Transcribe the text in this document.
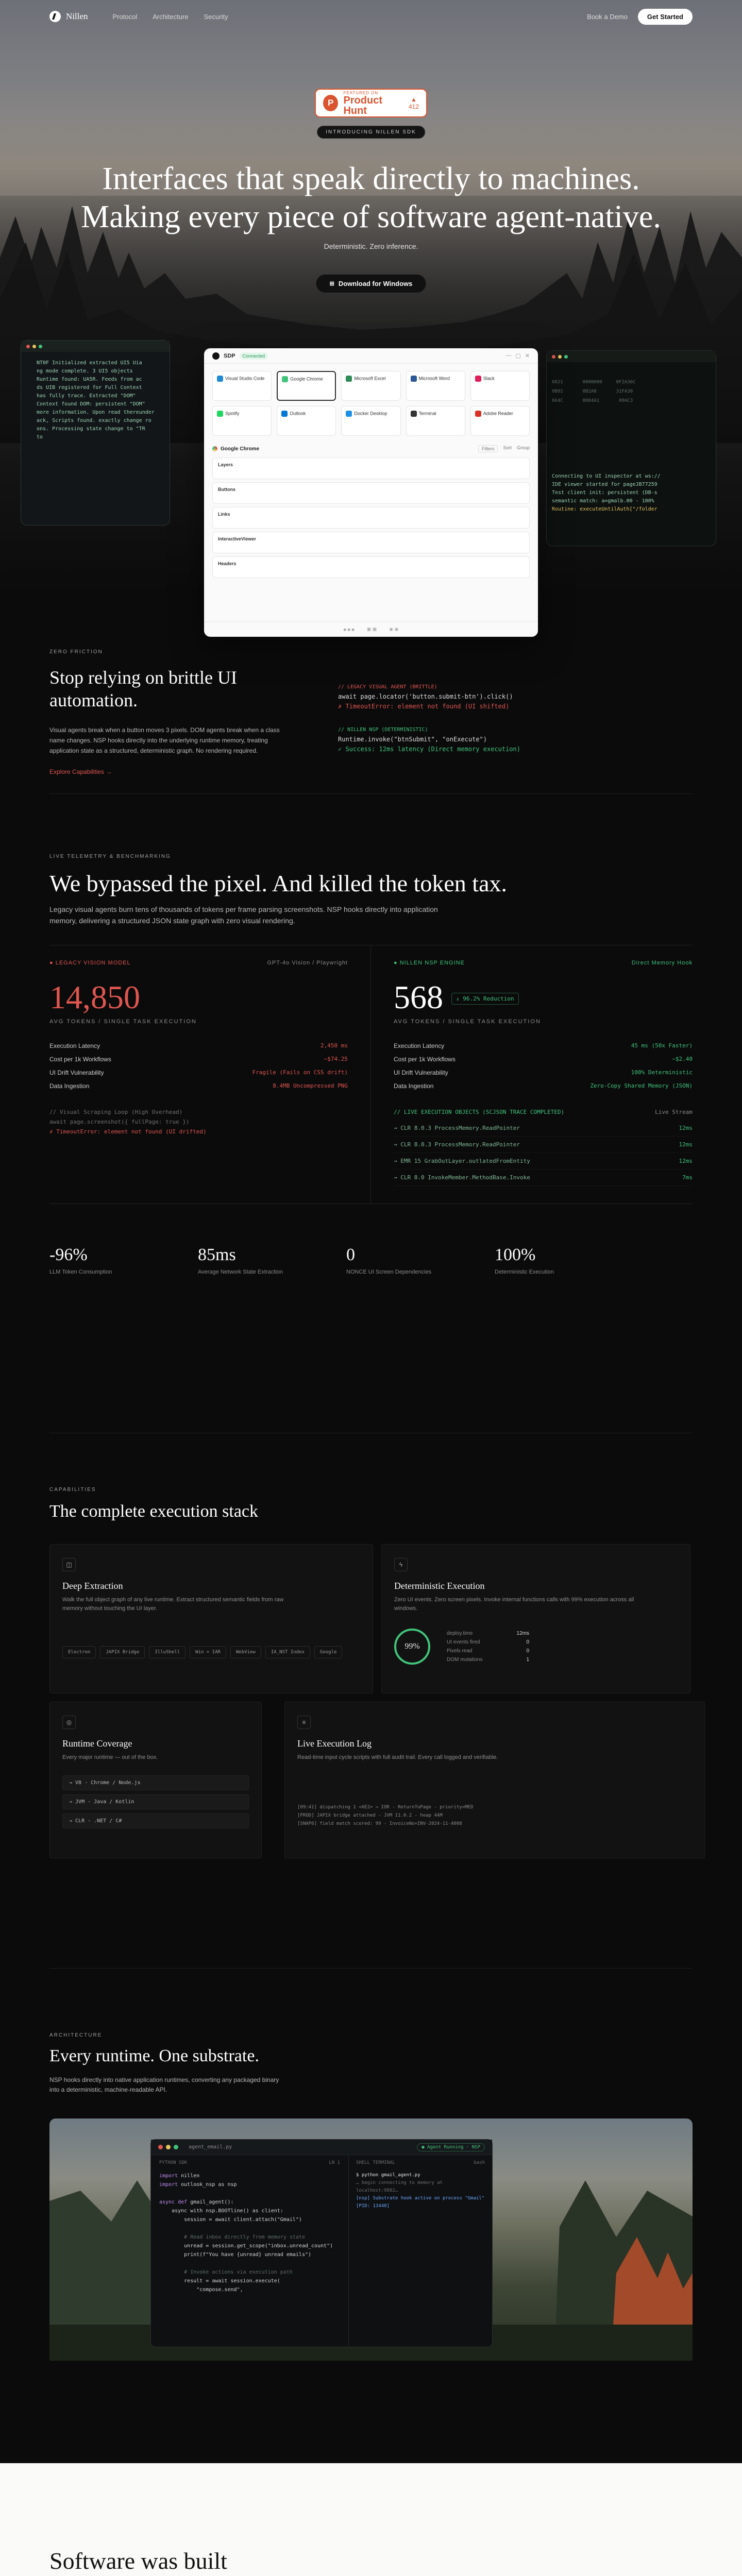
Nillen	Protocol Architecture Security	Book a Demo	Get Started
P
FEATURED ON
Product Hunt
▲
412
INTRODUCING NILLEN SDK
Interfaces that speak directly to machines.
Making every piece of software agent-native.
Deterministic. Zero inference.
⊞ Download for Windows
NT0F Initialized extracted UI5 Uia
ng mode complete. 3 UI5 objects
Runtime found: UA5R. Feeds from ac
ds UIB registered for Full Context
has fully trace. Extracted "DOM"
Context found DOM: persistent "DOM"
more information. Upon read thereunder
ack, Scripts found. exactly change ro
ons. Processing state change to "TR
to
0821       0000000     0F2A36C
0B01       0B2A0       31FA30
0A4C       0004A1       00AC3
Connecting to UI inspector at ws://
IDE viewer started for pageJB77259
Test client init: persistent (DB-s
semantic match: a=gmalb.00 - 100%
Routine: executeUntilAuth["/folder
SDP	Connected	— ▢ ✕
Visual Studio Code	Google Chrome	Microsoft Excel	Microsoft Word	Slack
Spotify	Outlook	Docker Desktop	Terminal	Adobe Reader
Google Chrome	Filters	Sort Group
Layers
Buttons
Links
InteractiveViewer
Headers
■ ■ ■	▣ ▣	◉ ◉
ZERO FRICTION
Stop relying on brittle UI automation.

Visual agents break when a button moves 3 pixels. DOM agents break when a class name changes. NSP hooks directly into the underlying runtime memory, treating application state as a structured, deterministic graph. No rendering required.

Explore Capabilities →
// LEGACY VISUAL AGENT (BRITTLE)
await page.locator('button.submit-btn').click()
✗ TimeoutError: element not found (UI shifted)
// NILLEN NSP (DETERMINISTIC)
Runtime.invoke("btnSubmit", "onExecute")
✓ Success: 12ms latency (Direct memory execution)
LIVE TELEMETRY & BENCHMARKING
We bypassed the pixel. And killed the token tax.

Legacy visual agents burn tens of thousands of tokens per frame parsing screenshots. NSP hooks directly into application memory, delivering a structured JSON state graph with zero visual rendering.

● LEGACY VISION MODEL	GPT-4o Vision / Playwright
14,850
AVG TOKENS / SINGLE TASK EXECUTION
Execution Latency	2,450 ms
Cost per 1k Workflows	~$74.25
UI Drift Vulnerability	Fragile (Fails on CSS drift)
Data Ingestion	8.4MB Uncompressed PNG
// Visual Scraping Loop (High Overhead)
await page.screenshot({ fullPage: true })
✗ TimeoutError: element not found (UI drifted)
● NILLEN NSP ENGINE	Direct Memory Hook
568	↓ 96.2% Reduction
AVG TOKENS / SINGLE TASK EXECUTION
Execution Latency	45 ms (50x Faster)
Cost per 1k Workflows	~$2.40
UI Drift Vulnerability	100% Deterministic
Data Ingestion	Zero-Copy Shared Memory (JSON)
// LIVE EXECUTION OBJECTS (SCJSON TRACE COMPLETED)	Live Stream
→ CLR 8.0.3 ProcessMemory.ReadPointer	12ms
→ CLR 8.0.3 ProcessMemory.ReadPointer	12ms
→ EMR 15 GrabOutLayer.outlatedFromEntity	12ms
→ CLR 8.0 InvokeMember.MethodBase.Invoke	7ms
-96%
LLM Token Consumption
85ms
Average Network State Extraction
0
NONCE UI Screen Dependencies
100%
Deterministic Execution
CAPABILITIES
The complete execution stack
◫
Deep Extraction

Walk the full object graph of any live runtime. Extract structured semantic fields from raw memory without touching the UI layer.

Electron	JAPIX Bridge	IlluShell	Win + IAR	WebView	IA_NST Index	Google
ϟ
Deterministic Execution

Zero UI events. Zero screen pixels. Invoke internal functions calls with 99% execution across all windows.

99%
deploy.time	12ms
UI events fired	0
Pixels read	0
DOM mutations	1
◎
Runtime Coverage

Every major runtime — out of the box.

→ V8 - Chrome / Node.js
→ JVM - Java / Kotlin
→ CLR - .NET / C#
≡
Live Execution Log

Read-time input cycle scripts with full audit trail. Every call logged and verifiable.

[09:41] dispatching 1 <AE2> → IOR - ReturnToPage - priority=MED
[PROD] JAPIX bridge attached - JVM 11.0.2 - heap 44M
[SNAP6] field match scored: 99 - InvoiceNo=INV-2024-11-4008
ARCHITECTURE
Every runtime. One substrate.

NSP hooks directly into native application runtimes, converting any packaged binary into a deterministic, machine-readable API.

agent_email.py	● Agent Running · NSP
PYTHON SDK	LN 1
import nillen
import outlook_nsp as nsp
async def gmail_agent():
async with nsp.BOOTline() as client:
session = await client.attach("Gmail")
# Read inbox directly from memory state
unread = session.get_scope("inbox.unread_count")
print(f"You have {unread} unread emails")
# Invoke actions via execution path
result = await session.execute(
"compose.send",
SHELL TERMINAL	bash
$ python gmail_agent.py
… begin connecting to memory at localhost:9882…
[nsp] Substrate hook active on process "Gmail"
[PID: 13448]
Software was built
